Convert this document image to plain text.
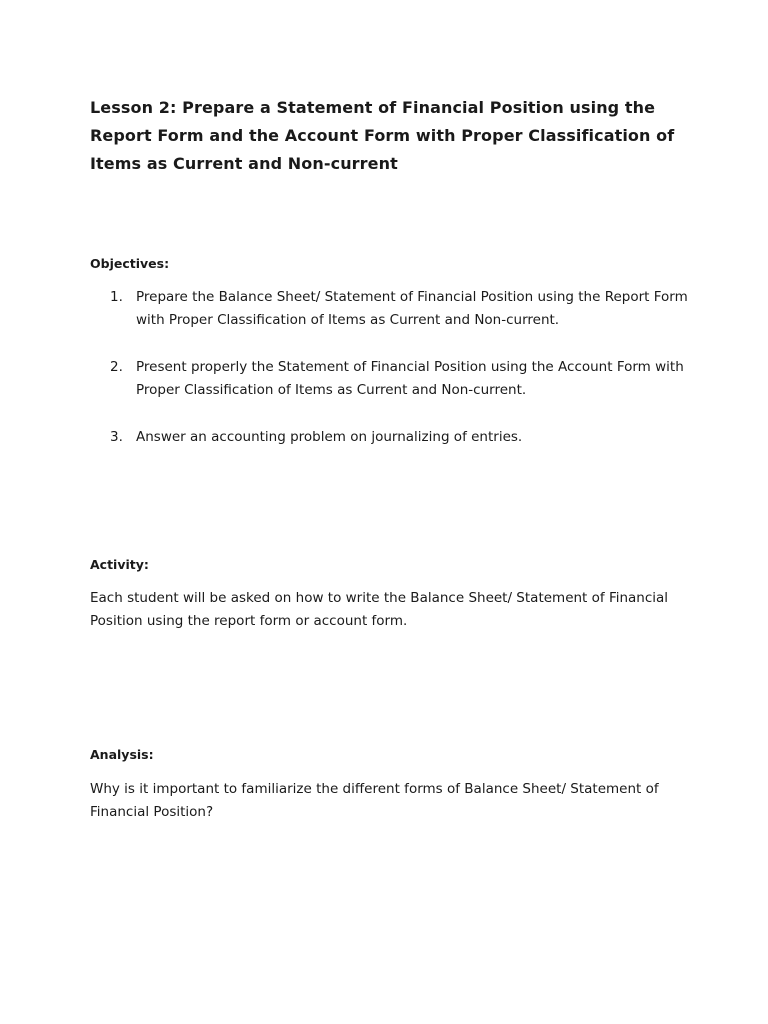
Lesson 2: Prepare a Statement of Financial Position using the Report Form and the Account Form with Proper Classification of Items as Current and Non-current
Objectives:
1. Prepare the Balance Sheet/ Statement of Financial Position using the Report Form with Proper Classification of Items as Current and Non-current.
2. Present properly the Statement of Financial Position using the Account Form with Proper Classification of Items as Current and Non-current.
3. Answer an accounting problem on journalizing of entries.
Activity:

Each student will be asked on how to write the Balance Sheet/ Statement of Financial Position using the report form or account form.

Analysis:

Why is it important to familiarize the different forms of Balance Sheet/ Statement of Financial Position?
